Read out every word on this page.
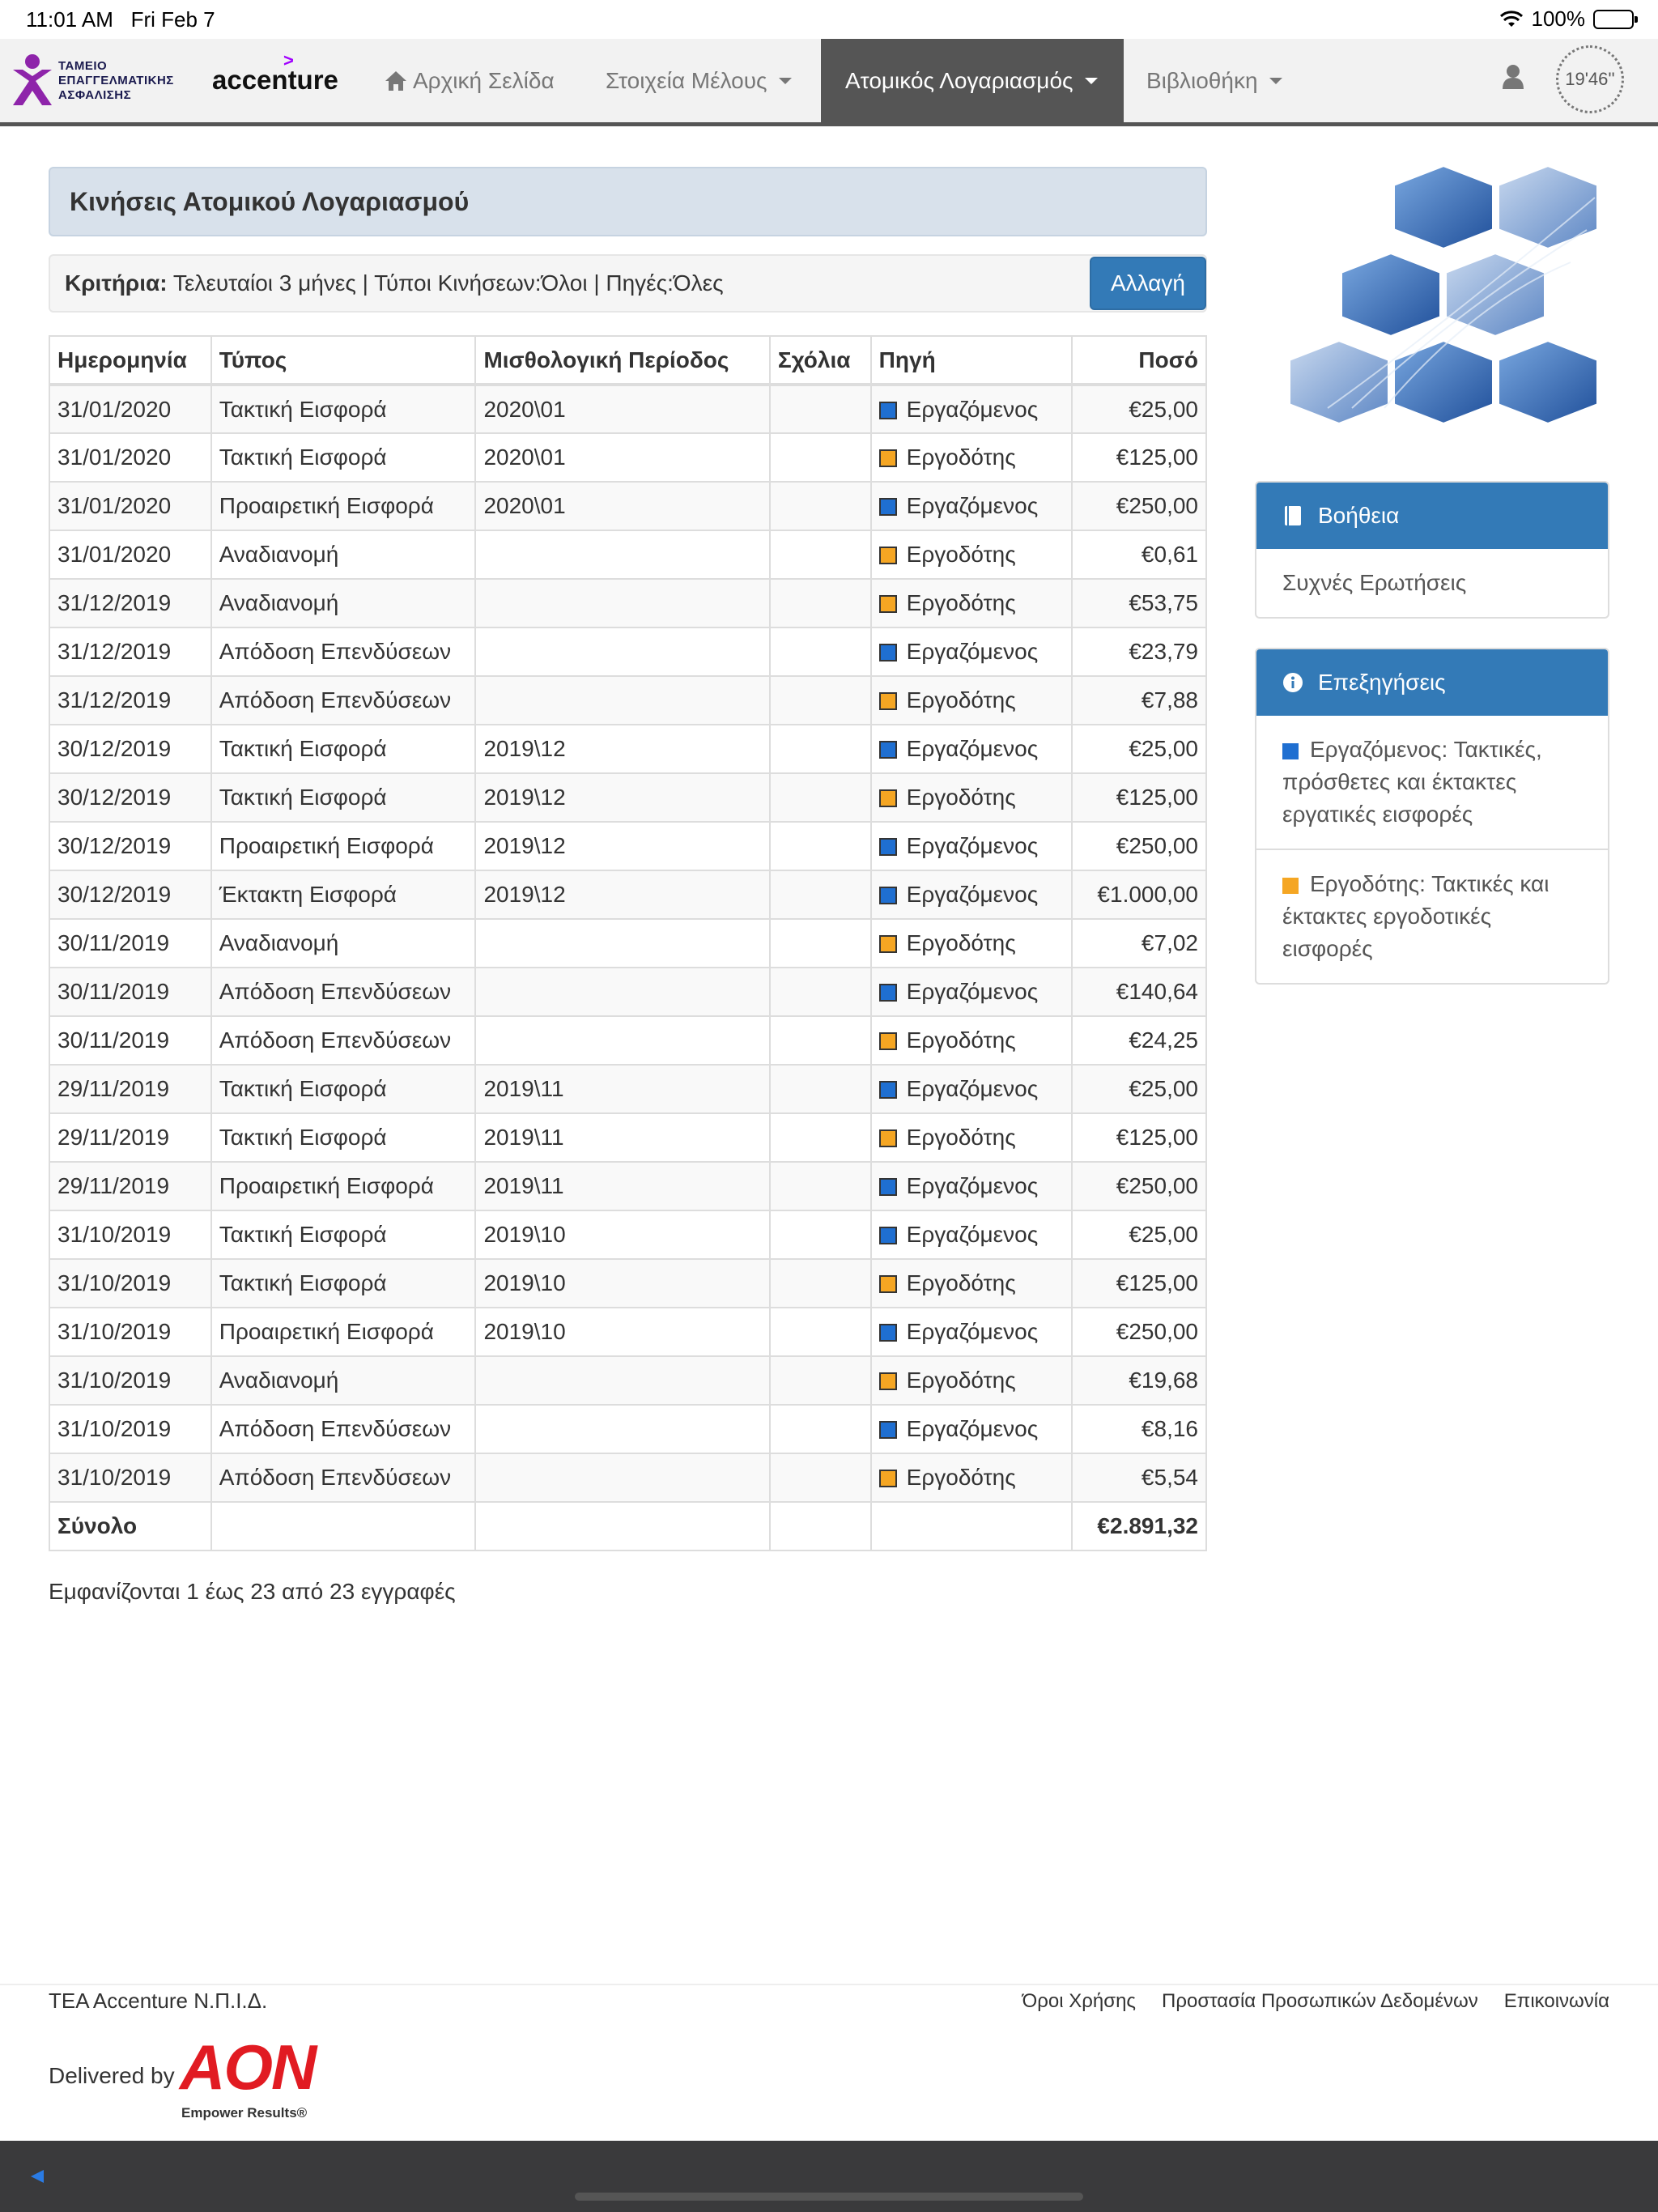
11:01 AM Fri Feb 7	100%
ΤΑΜΕΙΟ
ΕΠΑΓΓΕΛΜΑΤΙΚΗΣ
ΑΣΦΑΛΙΣΗΣ
>
accenture	Αρχική Σελίδα Στοιχεία Μέλους	Ατομικός Λογαριασμός	Βιβλιοθήκη	19'46''
Κινήσεις Ατομικού Λογαριασμού
Κριτήρια: Τελευταίοι 3 μήνες | Τύποι Κινήσεων:Όλοι | Πηγές:Όλες	Αλλαγή
Ημερομηνία	Τύπος	Μισθολογική Περίοδος	Σχόλια	Πηγή	Ποσό
31/01/2020	Τακτική Εισφορά	2020\01		Εργαζόμενος	€25,00
31/01/2020	Τακτική Εισφορά	2020\01		Εργοδότης	€125,00
31/01/2020	Προαιρετική Εισφορά	2020\01		Εργαζόμενος	€250,00
31/01/2020	Αναδιανομή			Εργοδότης	€0,61
31/12/2019	Αναδιανομή			Εργοδότης	€53,75
31/12/2019	Απόδοση Επενδύσεων			Εργαζόμενος	€23,79
31/12/2019	Απόδοση Επενδύσεων			Εργοδότης	€7,88
30/12/2019	Τακτική Εισφορά	2019\12		Εργαζόμενος	€25,00
30/12/2019	Τακτική Εισφορά	2019\12		Εργοδότης	€125,00
30/12/2019	Προαιρετική Εισφορά	2019\12		Εργαζόμενος	€250,00
30/12/2019	Έκτακτη Εισφορά	2019\12		Εργαζόμενος	€1.000,00
30/11/2019	Αναδιανομή			Εργοδότης	€7,02
30/11/2019	Απόδοση Επενδύσεων			Εργαζόμενος	€140,64
30/11/2019	Απόδοση Επενδύσεων			Εργοδότης	€24,25
29/11/2019	Τακτική Εισφορά	2019\11		Εργαζόμενος	€25,00
29/11/2019	Τακτική Εισφορά	2019\11		Εργοδότης	€125,00
29/11/2019	Προαιρετική Εισφορά	2019\11		Εργαζόμενος	€250,00
31/10/2019	Τακτική Εισφορά	2019\10		Εργαζόμενος	€25,00
31/10/2019	Τακτική Εισφορά	2019\10		Εργοδότης	€125,00
31/10/2019	Προαιρετική Εισφορά	2019\10		Εργαζόμενος	€250,00
31/10/2019	Αναδιανομή			Εργοδότης	€19,68
31/10/2019	Απόδοση Επενδύσεων			Εργαζόμενος	€8,16
31/10/2019	Απόδοση Επενδύσεων			Εργοδότης	€5,54
Σύνολο					€2.891,32
Εμφανίζονται 1 έως 23 από 23 εγγραφές
Βοήθεια
Συχνές Ερωτήσεις
Επεξηγήσεις
Εργαζόμενος: Τακτικές, πρόσθετες και έκτακτες εργατικές εισφορές
Εργοδότης: Τακτικές και έκτακτες εργοδοτικές εισφορές
TEA Accenture Ν.Π.Ι.Δ.	Όροι Χρήσης Προστασία Προσωπικών Δεδομένων Επικοινωνία
Delivered by AON
Empower Results®
